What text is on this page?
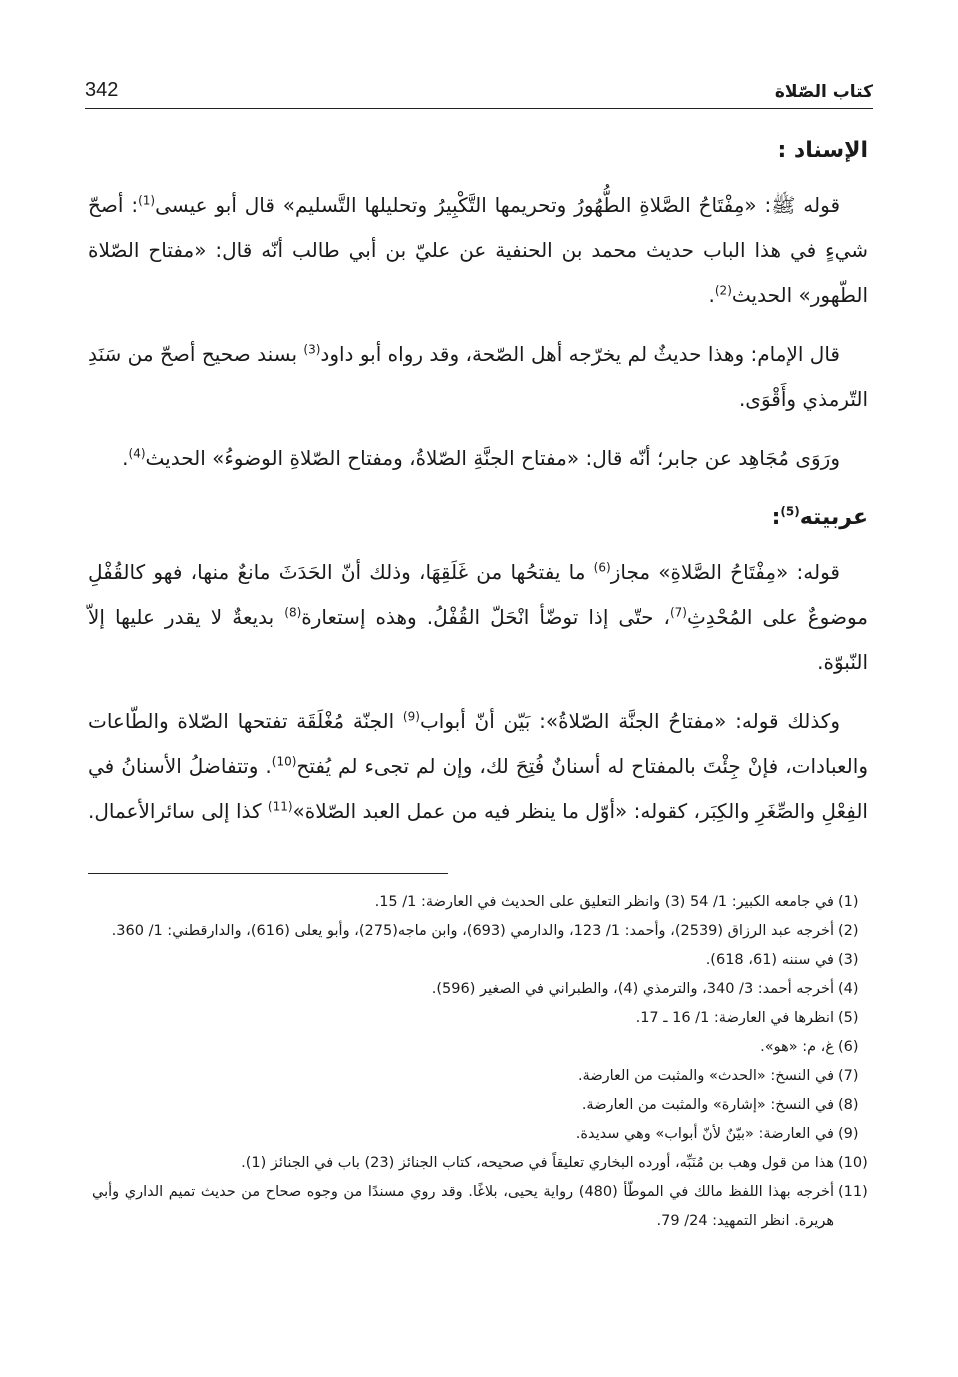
كتاب الصّلاة
342

الإسناد :

قوله ﷺ: «مِفْتَاحُ الصَّلاةِ الطُّهُورُ وتحريمها التَّكْبِيرُ وتحليلها التَّسليم» قال أبو عيسى$^{(1)}$: أصحّ شيءٍ في هذا الباب حديث محمد بن الحنفية عن عليّ بن أبي طالب أنّه قال: «مفتاح الصّلاة الطّهور» الحديث$^{(2)}$.

قال الإمام: وهذا حديثٌ لم يخرّجه أهل الصّحة، وقد رواه أبو داود$^{(3)}$ بسند صحيح أصحّ من سَنَدِ التّرمذي وأَقْوَى.

ورَوَى مُجَاهِد عن جابر؛ أنّه قال: «مفتاح الجنَّةِ الصّلاةُ، ومفتاح الصّلاةِ الوضوءُ» الحديث$^{(4)}$.

عربيته$^{(5)}$:

قوله: «مِفْتَاحُ الصَّلاةِ» مجاز$^{(6)}$ ما يفتحُها من غَلَقِهَا، وذلك أنّ الحَدَثَ مانعٌ منها، فهو كالقُفْلِ موضوعٌ على المُحْدِثِ$^{(7)}$، حتّى إذا توضّأ انْحَلّ القُفْلُ. وهذه إستعارة$^{(8)}$ بديعةٌ لا يقدر عليها إلاّ النّبوّة.

وكذلك قوله: «مفتاحُ الجنَّة الصّلاةُ»: بَيّن أنّ أبواب$^{(9)}$ الجنّة مُغْلَقَة تفتحها الصّلاة والطّاعات والعبادات، فإنْ جِئْتَ بالمفتاح له أسنانٌ فُتِحَ لك، وإن لم تجىء لم يُفتح$^{(10)}$. وتتفاضلُ الأسنانُ في الفِعْلِ والصِّغَرِ والكِبَر، كقوله: «أوّل ما ينظر فيه من عمل العبد الصّلاة»$^{(11)}$ كذا إلى سائرالأعمال.

(1)
في جامعه الكبير: 1/ 54 (3) وانظر التعليق على الحديث في العارضة: 1/ 15.
(2)
أخرجه عبد الرزاق (2539)، وأحمد: 1/ 123، والدارمي (693)، وابن ماجه(275)، وأبو يعلى (616)، والدارقطني: 1/ 360.
(3)
في سننه (61، 618).
(4)
أخرجه أحمد: 3/ 340، والترمذي (4)، والطبراني في الصغير (596).
(5)
انظرها في العارضة: 1/ 16 ـ 17.
(6)
غ، م: «هو».
(7)
في النسخ: «الحدث» والمثبت من العارضة.
(8)
في النسخ: «إشارة» والمثبت من العارضة.
(9)
في العارضة: «بيّنٌ لأنّ أبواب» وهي سديدة.
(10)
هذا من قول وهب بن مُنَبِّه، أورده البخاري تعليقاً في صحيحه، كتاب الجنائز (23) باب في الجنائز (1).
(11)
أخرجه بهذا اللفظ مالك في الموطّأ (480) رواية يحيى، بلاغًا. وقد روي مسندًا من وجوه صحاح من حديث تميم الداري وأبي هريرة. انظر التمهيد: 24/ 79.
